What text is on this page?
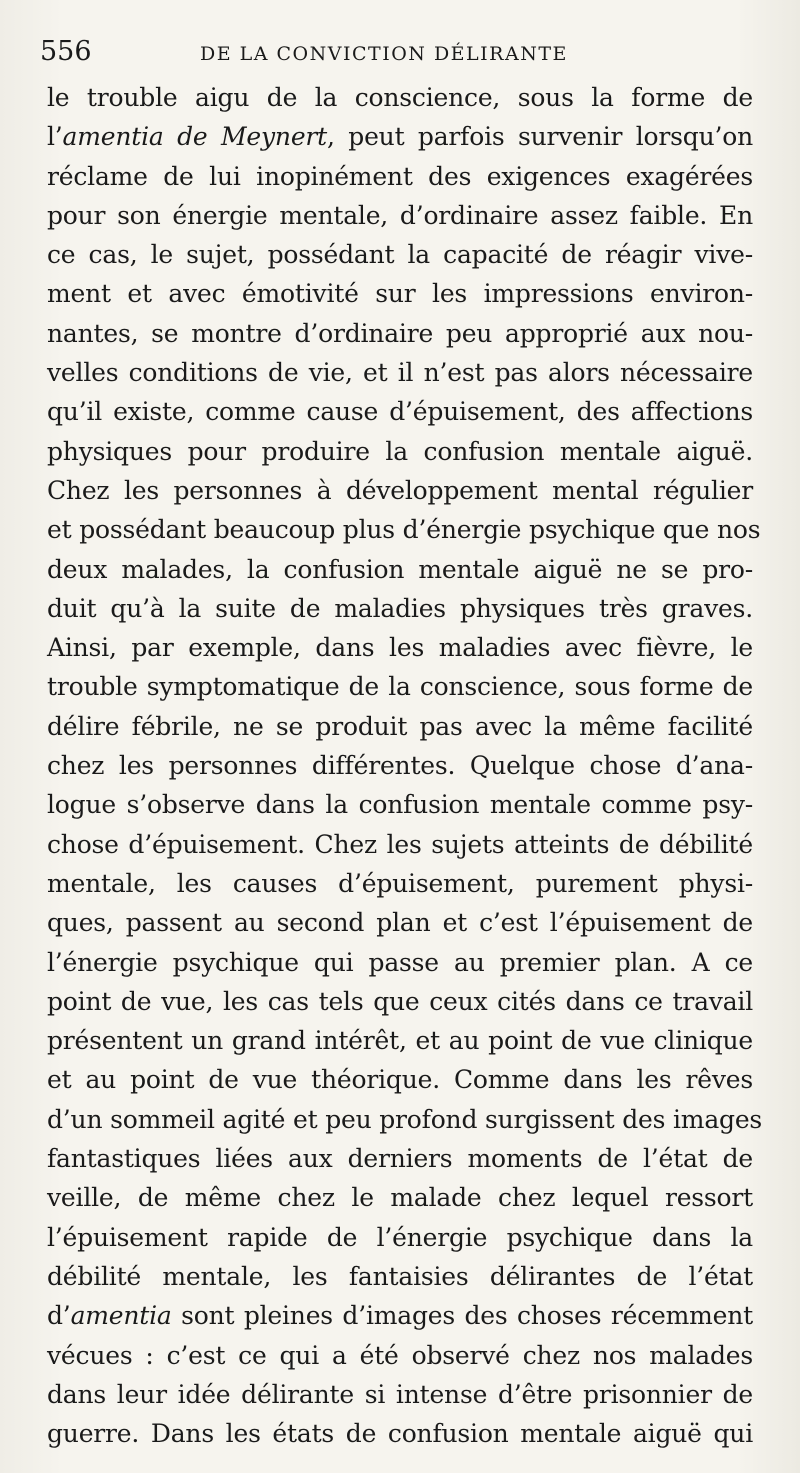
556	DE LA CONVICTION DÉLIRANTE
le trouble aigu de la conscience, sous la forme de
l’amentia de Meynert, peut parfois survenir lorsqu’on
réclame de lui inopinément des exigences exagérées
pour son énergie mentale, d’ordinaire assez faible. En
ce cas, le sujet, possédant la capacité de réagir vive-
ment et avec émotivité sur les impressions environ-
nantes, se montre d’ordinaire peu approprié aux nou-
velles conditions de vie, et il n’est pas alors nécessaire
qu’il existe, comme cause d’épuisement, des affections
physiques pour produire la confusion mentale aiguë.
Chez les personnes à développement mental régulier
et possédant beaucoup plus d’énergie psychique que nos
deux malades, la confusion mentale aiguë ne se pro-
duit qu’à la suite de maladies physiques très graves.
Ainsi, par exemple, dans les maladies avec fièvre, le
trouble symptomatique de la conscience, sous forme de
délire fébrile, ne se produit pas avec la même facilité
chez les personnes différentes. Quelque chose d’ana-
logue s’observe dans la confusion mentale comme psy-
chose d’épuisement. Chez les sujets atteints de débilité
mentale, les causes d’épuisement, purement physi-
ques, passent au second plan et c’est l’épuisement de
l’énergie psychique qui passe au premier plan. A ce
point de vue, les cas tels que ceux cités dans ce travail
présentent un grand intérêt, et au point de vue clinique
et au point de vue théorique. Comme dans les rêves
d’un sommeil agité et peu profond surgissent des images
fantastiques liées aux derniers moments de l’état de
veille, de même chez le malade chez lequel ressort
l’épuisement rapide de l’énergie psychique dans la
débilité mentale, les fantaisies délirantes de l’état
d’amentia sont pleines d’images des choses récemment
vécues : c’est ce qui a été observé chez nos malades
dans leur idée délirante si intense d’être prisonnier de
guerre. Dans les états de confusion mentale aiguë qui
